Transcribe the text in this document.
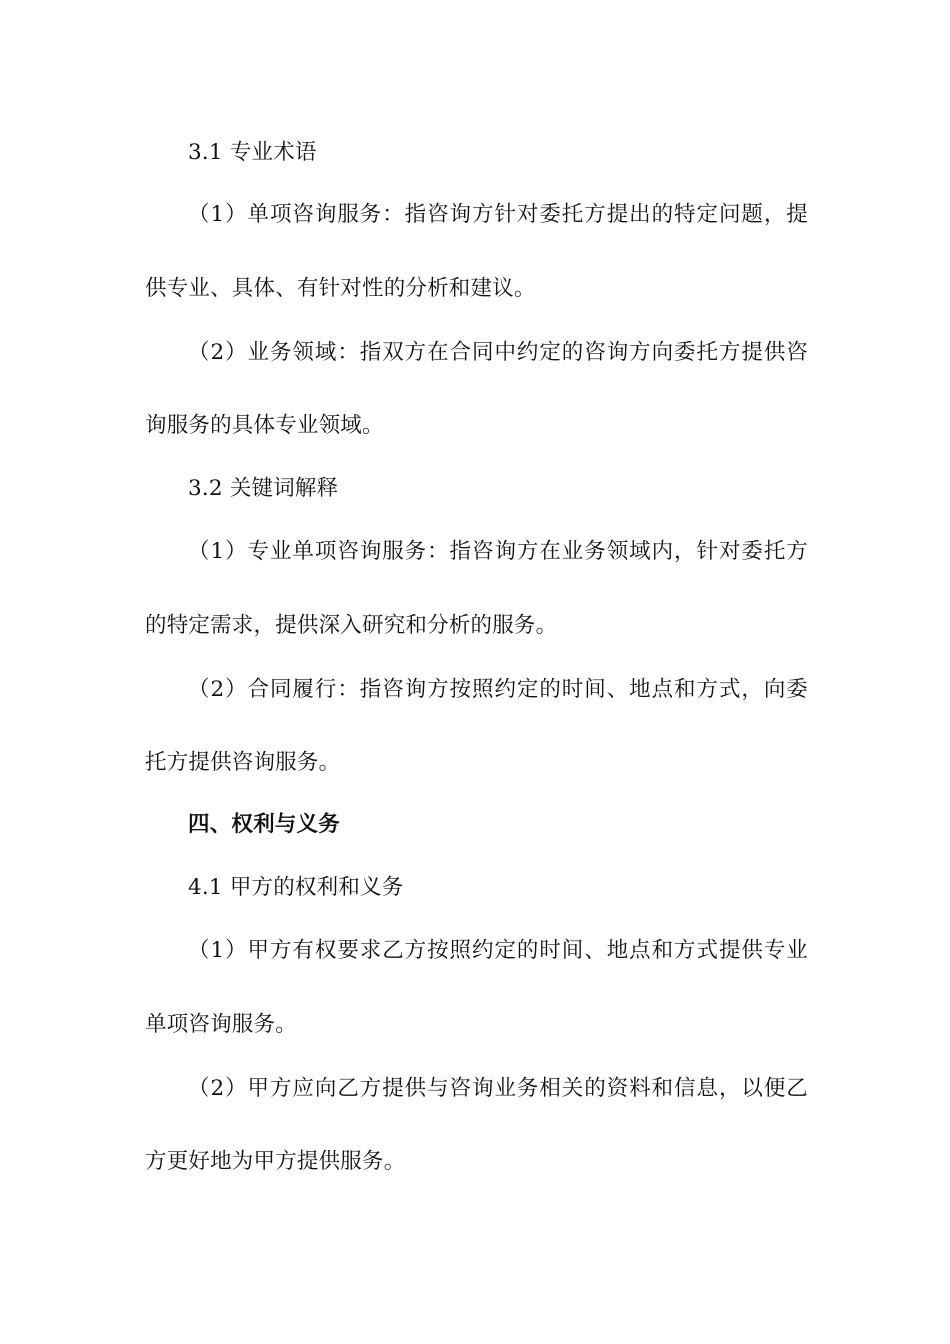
3.1 专业术语
（1）单项咨询服务：指咨询方针对委托方提出的特定问题，提
供专业、具体、有针对性的分析和建议。
（2）业务领域：指双方在合同中约定的咨询方向委托方提供咨
询服务的具体专业领域。
3.2 关键词解释
（1）专业单项咨询服务：指咨询方在业务领域内，针对委托方
的特定需求，提供深入研究和分析的服务。
（2）合同履行：指咨询方按照约定的时间、地点和方式，向委
托方提供咨询服务。
四、权利与义务
4.1 甲方的权利和义务
（1）甲方有权要求乙方按照约定的时间、地点和方式提供专业
单项咨询服务。
（2）甲方应向乙方提供与咨询业务相关的资料和信息，以便乙
方更好地为甲方提供服务。
